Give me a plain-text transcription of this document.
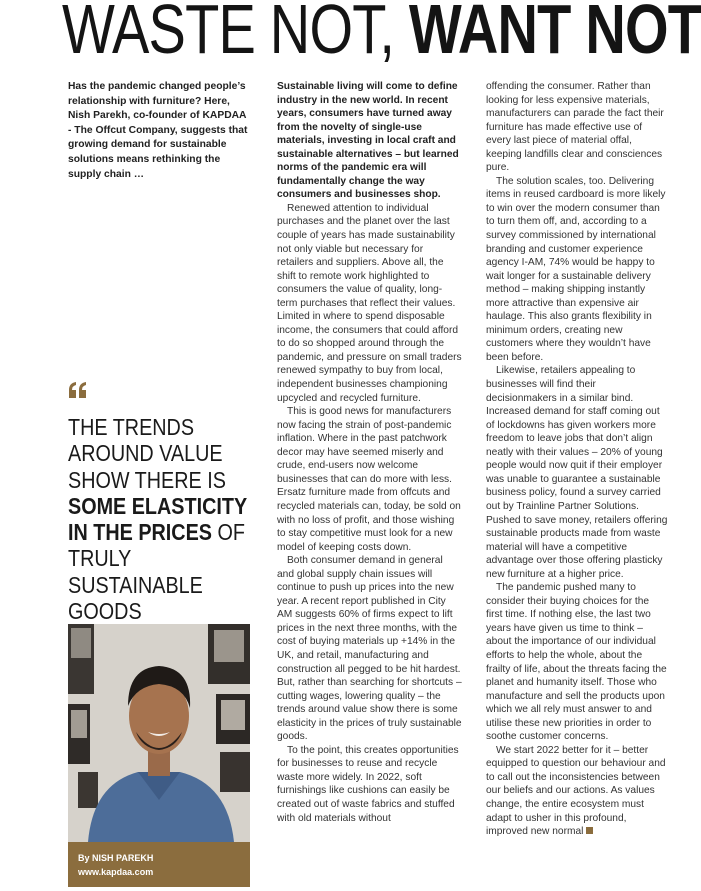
WASTE NOT, WANT NOT

Has the pandemic changed people’s relationship with furniture? Here, Nish Parekh, co-founder of KAPDAA - The Offcut Company, suggests that growing demand for sustainable solutions means rethinking the supply chain …

THE TRENDS AROUND VALUE SHOW THERE IS SOME ELASTICITY IN THE PRICES OF TRULY SUSTAINABLE GOODS
By NISH PAREKH
www.kapdaa.com

Sustainable living will come to define industry in the new world. In recent years, consumers have turned away from the novelty of single-use materials, investing in local craft and sustainable alternatives – but learned norms of the pandemic era will fundamentally change the way consumers and businesses shop.

Renewed attention to individual purchases and the planet over the last couple of years has made sustainability not only viable but necessary for retailers and suppliers. Above all, the shift to remote work highlighted to consumers the value of quality, long-term purchases that reflect their values. Limited in where to spend disposable income, the consumers that could afford to do so shopped around through the pandemic, and pressure on small traders renewed sympathy to buy from local, independent businesses championing upcycled and recycled furniture.

This is good news for manufacturers now facing the strain of post-pandemic inflation. Where in the past patchwork decor may have seemed miserly and crude, end-users now welcome businesses that can do more with less. Ersatz furniture made from offcuts and recycled materials can, today, be sold on with no loss of profit, and those wishing to stay competitive must look for a new model of keeping costs down.

Both consumer demand in general and global supply chain issues will continue to push up prices into the new year. A recent report published in City AM suggests 60% of firms expect to lift prices in the next three months, with the cost of buying materials up +14% in the UK, and retail, manufacturing and construction all pegged to be hit hardest. But, rather than searching for shortcuts – cutting wages, lowering quality – the trends around value show there is some elasticity in the prices of truly sustainable goods.

To the point, this creates opportunities for businesses to reuse and recycle waste more widely. In 2022, soft furnishings like cushions can easily be created out of waste fabrics and stuffed with old materials without

offending the consumer. Rather than looking for less expensive materials, manufacturers can parade the fact their furniture has made effective use of every last piece of material offal, keeping landfills clear and consciences pure.

The solution scales, too. Delivering items in reused cardboard is more likely to win over the modern consumer than to turn them off, and, according to a survey commissioned by international branding and customer experience agency I-AM, 74% would be happy to wait longer for a sustainable delivery method – making shipping instantly more attractive than expensive air haulage. This also grants flexibility in minimum orders, creating new customers where they wouldn’t have been before.

Likewise, retailers appealing to businesses will find their decisionmakers in a similar bind. Increased demand for staff coming out of lockdowns has given workers more freedom to leave jobs that don’t align neatly with their values – 20% of young people would now quit if their employer was unable to guarantee a sustainable business policy, found a survey carried out by Trainline Partner Solutions. Pushed to save money, retailers offering sustainable products made from waste material will have a competitive advantage over those offering plasticky new furniture at a higher price.

The pandemic pushed many to consider their buying choices for the first time. If nothing else, the last two years have given us time to think – about the importance of our individual efforts to help the whole, about the frailty of life, about the threats facing the planet and humanity itself. Those who manufacture and sell the products upon which we all rely must answer to and utilise these new priorities in order to soothe customer concerns.

We start 2022 better for it – better equipped to question our behaviour and to call out the inconsistencies between our beliefs and our actions. As values change, the entire ecosystem must adapt to usher in this profound, improved new normal
